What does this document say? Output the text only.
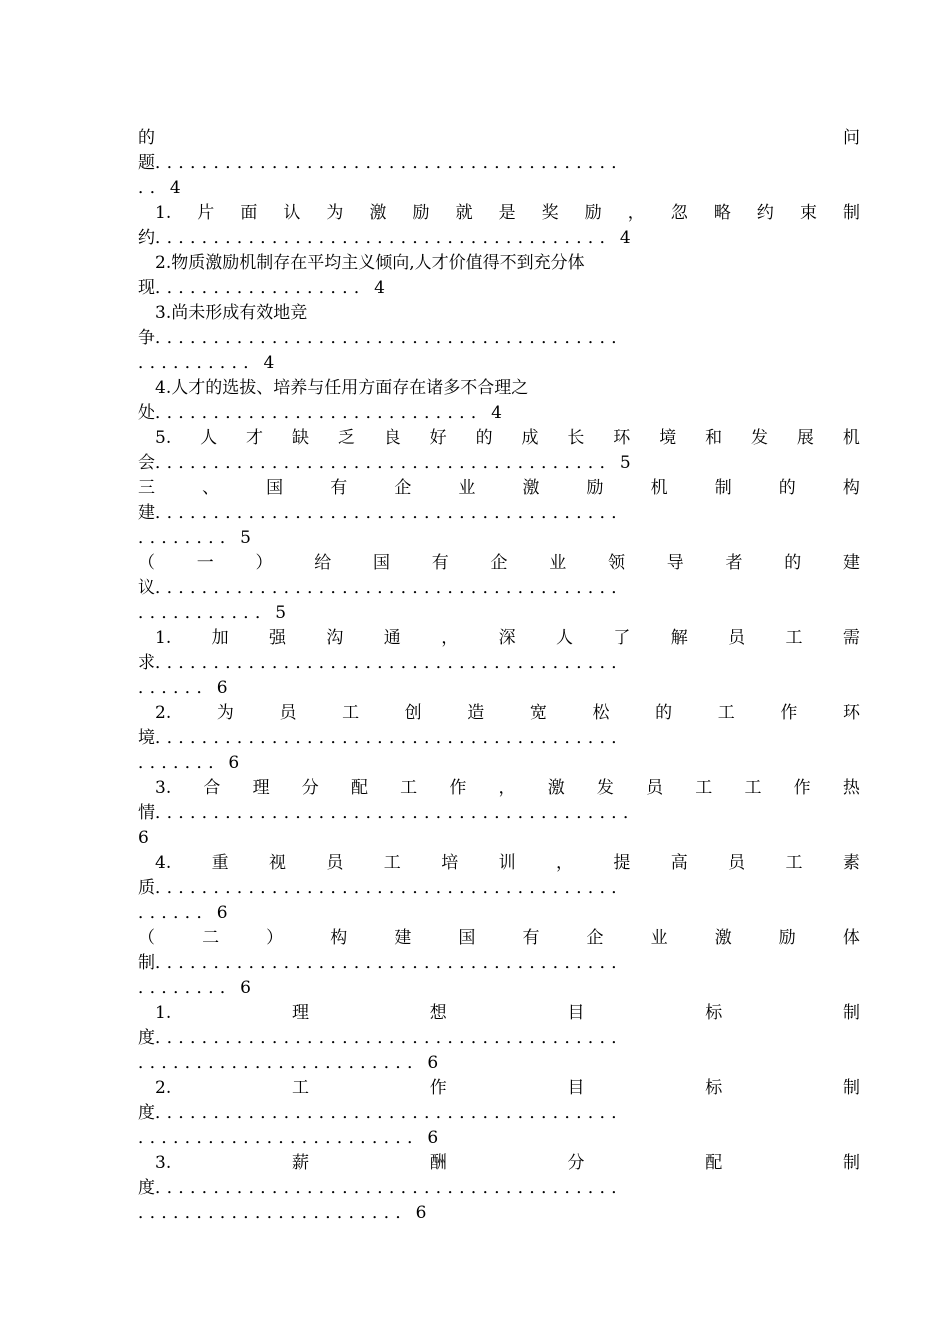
的	问
题．．．．．．．．．．．．．．．．．．．．．．．．．．．．．．．．．．．．．．．．
．．4
1. 片 面 认 为 激 励 就 是 奖 励 ， 忽 略 约 束 制
约．．．．．．．．．．．．．．．．．．．．．．．．．．．．．．．．．．．．．．．4
2.物质激励机制存在平均主义倾向,人才价值得不到充分体
现．．．．．．．．．．．．．．．．．．4
3.尚未形成有效地竞
争．．．．．．．．．．．．．．．．．．．．．．．．．．．．．．．．．．．．．．．．
．．．．．．．．．．4
4.人才的选拔、培养与任用方面存在诸多不合理之
处．．．．．．．．．．．．．．．．．．．．．．．．．．．．4
5. 人 才 缺 乏 良 好 的 成 长 环 境 和 发 展 机
会．．．．．．．．．．．．．．．．．．．．．．．．．．．．．．．．．．．．．．．5
三	、	国	有	企	业	激	励	机	制	的	构
建．．．．．．．．．．．．．．．．．．．．．．．．．．．．．．．．．．．．．．．．
．．．．．．．．5
（ 一 ） 给 国 有 企 业 领 导 者 的 建
议．．．．．．．．．．．．．．．．．．．．．．．．．．．．．．．．．．．．．．．．
．．．．．．．．．．．5
1. 加 强 沟 通 ， 深 人 了 解 员 工 需
求．．．．．．．．．．．．．．．．．．．．．．．．．．．．．．．．．．．．．．．．
．．．．．．6
2.	为	员	工	创	造	宽	松	的	工	作	环
境．．．．．．．．．．．．．．．．．．．．．．．．．．．．．．．．．．．．．．．．
．．．．．．．6
3. 合 理 分 配 工 作 ， 激 发 员 工 工 作 热
情．．．．．．．．．．．．．．．．．．．．．．．．．．．．．．．．．．．．．．．．．
6
4. 重 视 员 工 培 训 ， 提 高 员 工 素
质．．．．．．．．．．．．．．．．．．．．．．．．．．．．．．．．．．．．．．．．
．．．．．．6
（	二	）	构	建	国	有	企	业	激	励	体
制．．．．．．．．．．．．．．．．．．．．．．．．．．．．．．．．．．．．．．．．
．．．．．．．．6
1.	理	想	目	标	制
度．．．．．．．．．．．．．．．．．．．．．．．．．．．．．．．．．．．．．．．．
．．．．．．．．．．．．．．．．．．．．．．．．6
2.	工	作	目	标	制
度．．．．．．．．．．．．．．．．．．．．．．．．．．．．．．．．．．．．．．．．
．．．．．．．．．．．．．．．．．．．．．．．．6
3.	薪	酬	分	配	制
度．．．．．．．．．．．．．．．．．．．．．．．．．．．．．．．．．．．．．．．．
．．．．．．．．．．．．．．．．．．．．．．．6
